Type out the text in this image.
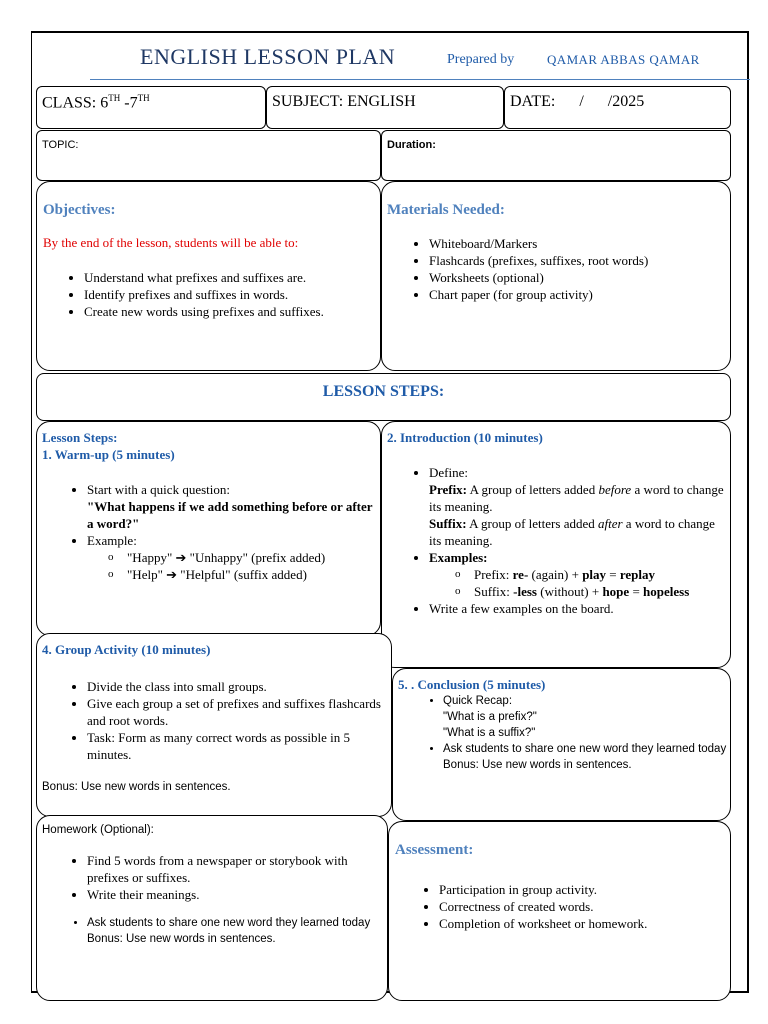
ENGLISH LESSON PLAN	Prepared by	QAMAR ABBAS QAMAR
CLASS: 6TH -7TH	SUBJECT: ENGLISH	DATE:      /      /2025
TOPIC:	Duration:
Objectives:
By the end of the lesson, students will be able to:
• Understand what prefixes and suffixes are.
• Identify prefixes and suffixes in words.
• Create new words using prefixes and suffixes.
Materials Needed:
• Whiteboard/Markers
• Flashcards (prefixes, suffixes, root words)
• Worksheets (optional)
• Chart paper (for group activity)
LESSON STEPS:
Lesson Steps:
1. Warm-up (5 minutes)
• Start with a quick question:
"What happens if we add something before or after a word?"
• Example:
o "Happy" ➔ "Unhappy" (prefix added)
o "Help" ➔ "Helpful" (suffix added)
2. Introduction (10 minutes)
• Define:
Prefix: A group of letters added before a word to change its meaning.
Suffix: A group of letters added after a word to change its meaning.
• Examples:
o Prefix: re- (again) + play = replay
o Suffix: -less (without) + hope = hopeless
• Write a few examples on the board.
4. Group Activity (10 minutes)
• Divide the class into small groups.
• Give each group a set of prefixes and suffixes flashcards and root words.
• Task: Form as many correct words as possible in 5 minutes.
Bonus: Use new words in sentences.
5. . Conclusion (5 minutes)
• Quick Recap:
"What is a prefix?"
"What is a suffix?"
• Ask students to share one new word they learned today Bonus: Use new words in sentences.
Homework (Optional):
• Find 5 words from a newspaper or storybook with prefixes or suffixes.
• Write their meanings.
• Ask students to share one new word they learned today Bonus: Use new words in sentences.
Assessment:
• Participation in group activity.
• Correctness of created words.
• Completion of worksheet or homework.
